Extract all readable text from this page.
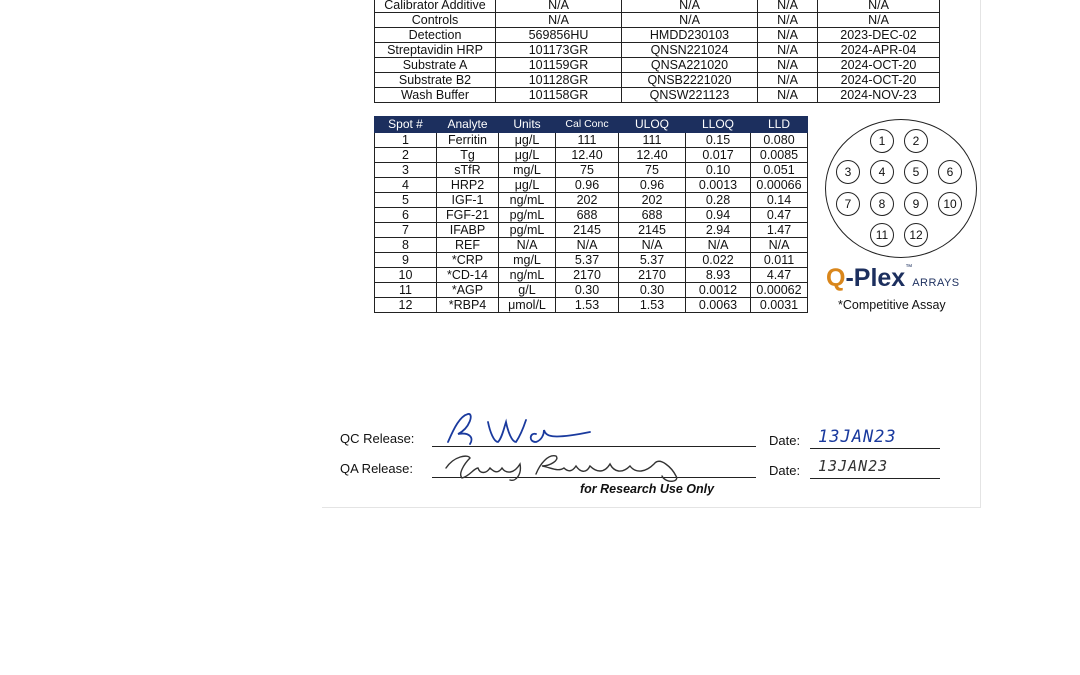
Calibrator Additive	N/A	N/A	N/A	N/A
Controls	N/A	N/A	N/A	N/A
Detection	569856HU	HMDD230103	N/A	2023-DEC-02
Streptavidin HRP	101173GR	QNSN221024	N/A	2024-APR-04
Substrate A	101159GR	QNSA221020	N/A	2024-OCT-20
Substrate B2	101128GR	QNSB2221020	N/A	2024-OCT-20
Wash Buffer	101158GR	QNSW221123	N/A	2024-NOV-23
Spot #	Analyte	Units	Cal Conc	ULOQ	LLOQ	LLD
1	Ferritin	μg/L	111	111	0.15	0.080
2	Tg	μg/L	12.40	12.40	0.017	0.0085
3	sTfR	mg/L	75	75	0.10	0.051
4	HRP2	μg/L	0.96	0.96	0.0013	0.00066
5	IGF-1	ng/mL	202	202	0.28	0.14
6	FGF-21	pg/mL	688	688	0.94	0.47
7	IFABP	pg/mL	2145	2145	2.94	1.47
8	REF	N/A	N/A	N/A	N/A	N/A
9	*CRP	mg/L	5.37	5.37	0.022	0.011
10	*CD-14	ng/mL	2170	2170	8.93	4.47
11	*AGP	g/L	0.30	0.30	0.0012	0.00062
12	*RBP4	μmol/L	1.53	1.53	0.0063	0.0031
1	2
3	4	5	6
7	8	9	10
11	12
Q-Plex™ARRAYS
*Competitive Assay
QC Release:	Date: 13JAN23
QA Release:	Date: 13JAN23
for Research Use Only
